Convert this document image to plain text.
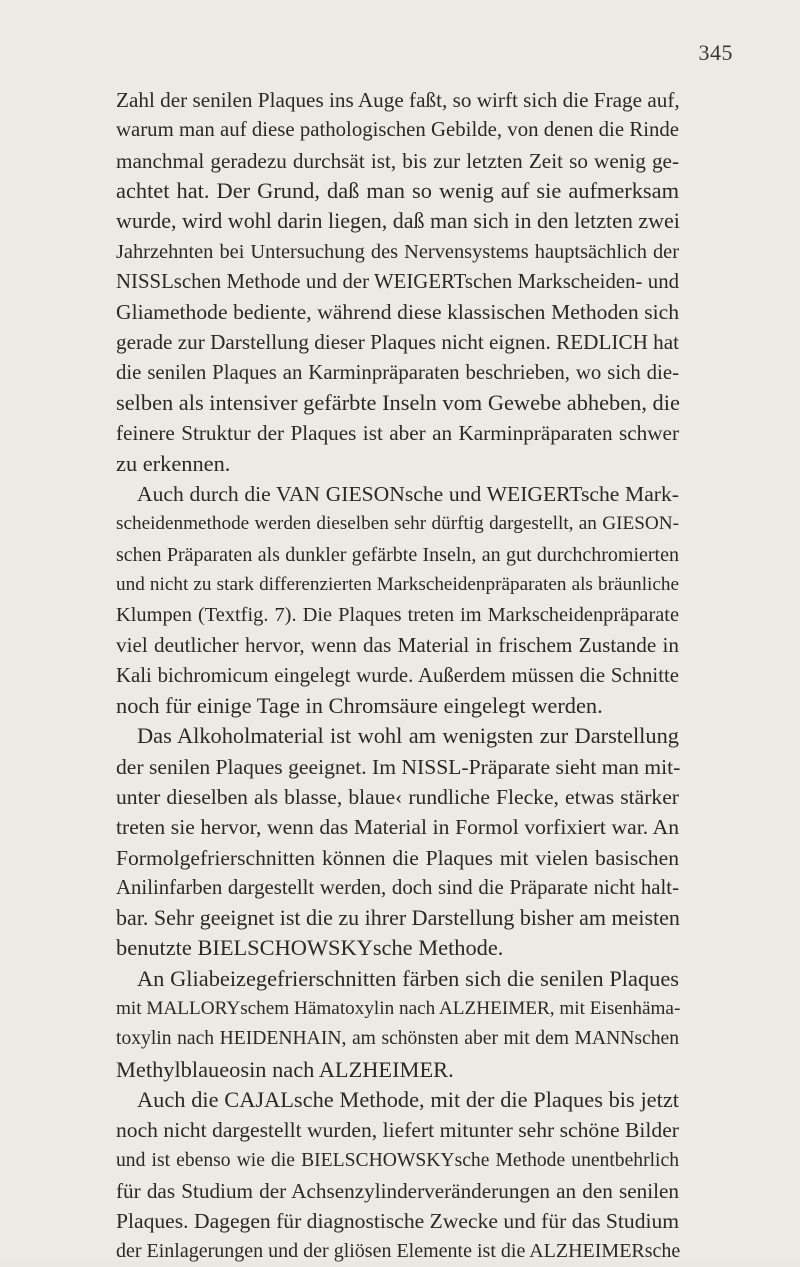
345
Zahl der senilen Plaques ins Auge faßt, so wirft sich die Frage auf,
warum man auf diese pathologischen Gebilde, von denen die Rinde
manchmal geradezu durchsät ist, bis zur letzten Zeit so wenig ge-
achtet hat. Der Grund, daß man so wenig auf sie aufmerksam
wurde, wird wohl darin liegen, daß man sich in den letzten zwei
Jahrzehnten bei Untersuchung des Nervensystems hauptsächlich der
NISSLschen Methode und der WEIGERTschen Markscheiden- und
Gliamethode bediente, während diese klassischen Methoden sich
gerade zur Darstellung dieser Plaques nicht eignen. REDLICH hat
die senilen Plaques an Karminpräparaten beschrieben, wo sich die-
selben als intensiver gefärbte Inseln vom Gewebe abheben, die
feinere Struktur der Plaques ist aber an Karminpräparaten schwer
zu erkennen.
Auch durch die VAN GIESONsche und WEIGERTsche Mark-
scheidenmethode werden dieselben sehr dürftig dargestellt, an GIESON-
schen Präparaten als dunkler gefärbte Inseln, an gut durchchromierten
und nicht zu stark differenzierten Markscheidenpräparaten als bräunliche
Klumpen (Textfig. 7). Die Plaques treten im Markscheidenpräparate
viel deutlicher hervor, wenn das Material in frischem Zustande in
Kali bichromicum eingelegt wurde. Außerdem müssen die Schnitte
noch für einige Tage in Chromsäure eingelegt werden.
Das Alkoholmaterial ist wohl am wenigsten zur Darstellung
der senilen Plaques geeignet. Im NISSL-Präparate sieht man mit-
unter dieselben als blasse, blaue‹ rundliche Flecke, etwas stärker
treten sie hervor, wenn das Material in Formol vorfixiert war. An
Formolgefrierschnitten können die Plaques mit vielen basischen
Anilinfarben dargestellt werden, doch sind die Präparate nicht halt-
bar. Sehr geeignet ist die zu ihrer Darstellung bisher am meisten
benutzte BIELSCHOWSKYsche Methode.
An Gliabeizegefrierschnitten färben sich die senilen Plaques
mit MALLORYschem Hämatoxylin nach ALZHEIMER, mit Eisenhäma-
toxylin nach HEIDENHAIN, am schönsten aber mit dem MANNschen
Methylblaueosin nach ALZHEIMER.
Auch die CAJALsche Methode, mit der die Plaques bis jetzt
noch nicht dargestellt wurden, liefert mitunter sehr schöne Bilder
und ist ebenso wie die BIELSCHOWSKYsche Methode unentbehrlich
für das Studium der Achsenzylinderveränderungen an den senilen
Plaques. Dagegen für diagnostische Zwecke und für das Studium
der Einlagerungen und der gliösen Elemente ist die ALZHEIMERsche
